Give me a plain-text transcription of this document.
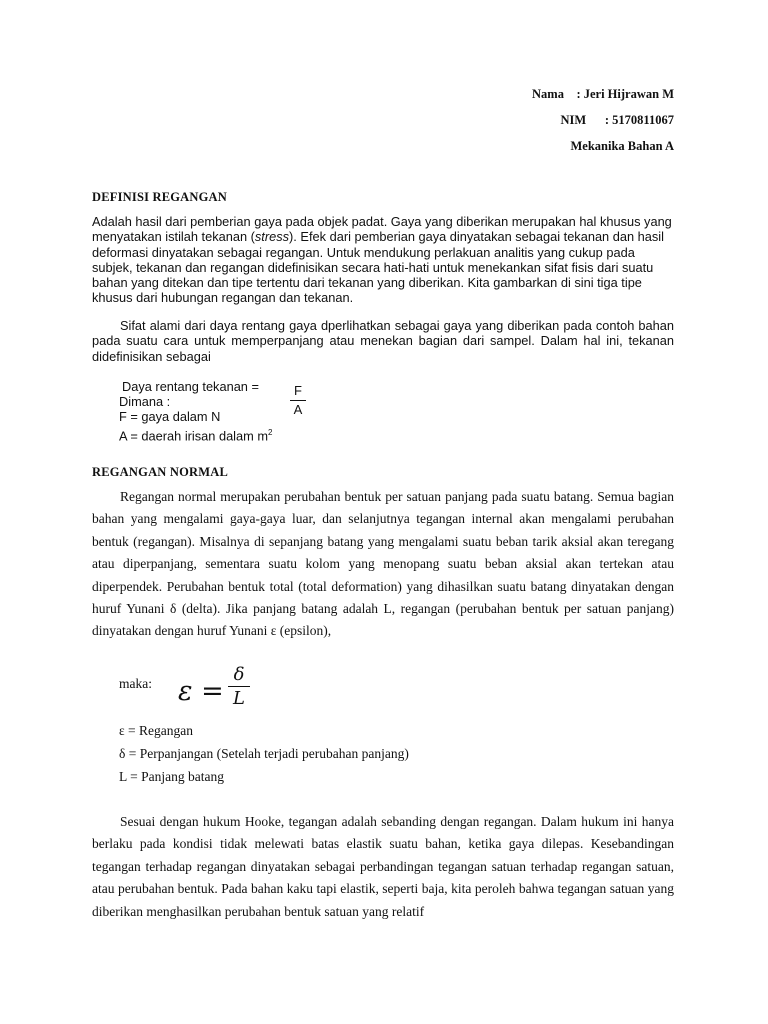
Nama    : Jeri Hijrawan M
NIM      : 5170811067
Mekanika Bahan A
DEFINISI REGANGAN

Adalah hasil dari pemberian gaya pada objek padat. Gaya yang diberikan merupakan hal khusus yang menyatakan istilah tekanan (stress). Efek dari pemberian gaya dinyatakan sebagai tekanan dan hasil deformasi dinyatakan sebagai regangan. Untuk mendukung perlakuan analitis yang cukup pada subjek, tekanan dan regangan didefinisikan secara hati-hati untuk menekankan sifat fisis dari suatu bahan yang ditekan dan tipe tertentu dari tekanan yang diberikan. Kita gambarkan di sini tiga tipe khusus dari hubungan regangan dan tekanan.

Sifat alami dari daya rentang gaya dperlihatkan sebagai gaya yang diberikan pada contoh bahan pada suatu cara untuk memperpanjang atau menekan bagian dari sampel. Dalam hal ini, tekanan didefinisikan sebagai

Daya rentang tekanan =
Dimana :
F = gaya dalam N
A = daerah irisan dalam $m^2$
F
A
REGANGAN NORMAL

Regangan normal merupakan perubahan bentuk per satuan panjang pada suatu batang. Semua bagian bahan yang mengalami gaya-gaya luar, dan selanjutnya tegangan internal akan mengalami perubahan bentuk (regangan). Misalnya di sepanjang batang yang mengalami suatu beban tarik aksial akan teregang atau diperpanjang, sementara suatu kolom yang menopang suatu beban aksial akan tertekan atau diperpendek. Perubahan bentuk total (total deformation) yang dihasilkan suatu batang dinyatakan dengan huruf Yunani δ (delta). Jika panjang batang adalah L, regangan (perubahan bentuk per satuan panjang) dinyatakan dengan huruf Yunani ε (epsilon),

maka: ε =
δ
L
ε = Regangan
δ = Perpanjangan (Setelah terjadi perubahan panjang)
L = Panjang batang

Sesuai dengan hukum Hooke, tegangan adalah sebanding dengan regangan. Dalam hukum ini hanya berlaku pada kondisi tidak melewati batas elastik suatu bahan, ketika gaya dilepas. Kesebandingan tegangan terhadap regangan dinyatakan sebagai perbandingan tegangan satuan terhadap regangan satuan, atau perubahan bentuk. Pada bahan kaku tapi elastik, seperti baja, kita peroleh bahwa tegangan satuan yang diberikan menghasilkan perubahan bentuk satuan yang relatif
